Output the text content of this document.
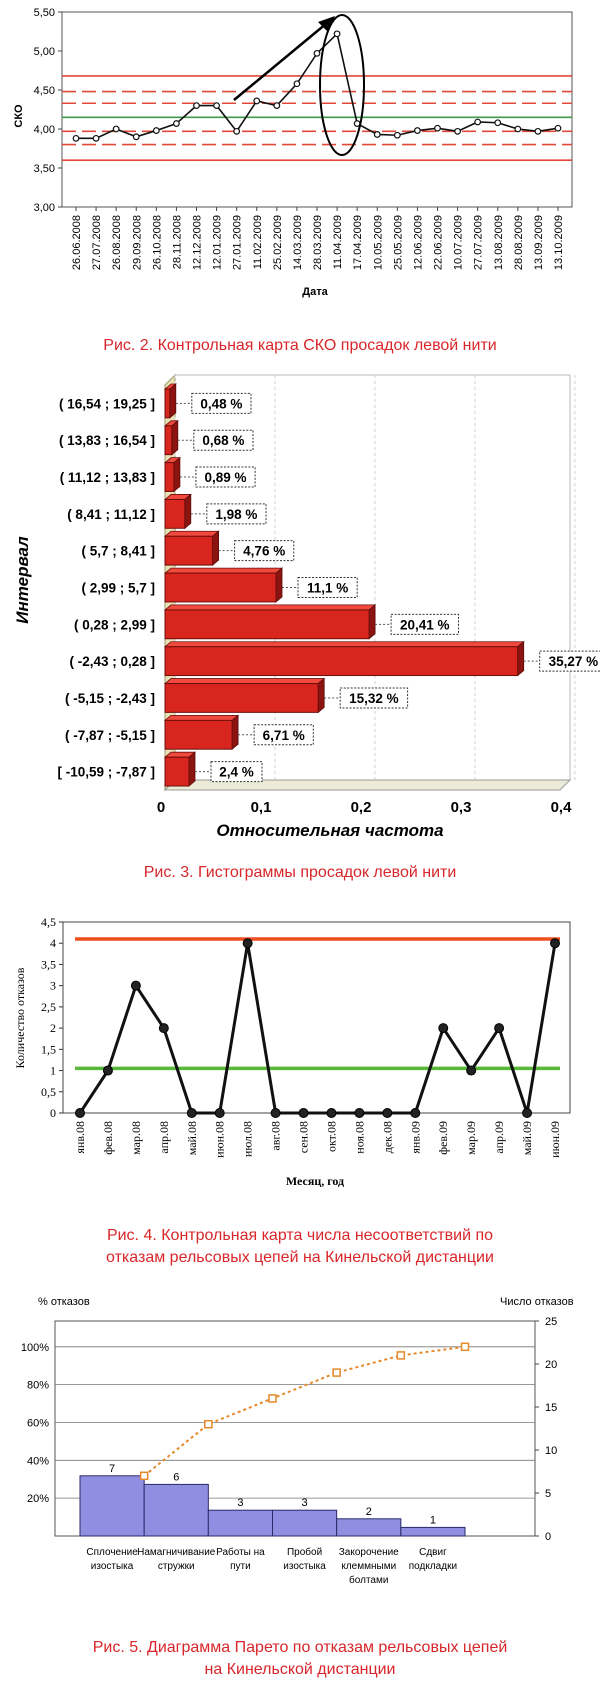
3,00
3,50
4,00
4,50
5,00
5,50
26.06.2008 27.07.2008 26.08.2008 29.09.2008 26.10.2008 28.11.2008 12.12.2008 12.01.2009 27.01.2009 11.02.2009 25.02.2009 14.03.2009 28.03.2009 11.04.2009 17.04.2009 10.05.2009 25.05.2009 12.06.2009 22.06.2009 10.07.2009 27.07.2009 13.08.2009 28.08.2009 13.09.2009 13.10.2009
СКО
Дата
Рис. 2. Контрольная карта СКО просадок левой нити
( 16,54 ; 19,25 ]
( 13,83 ; 16,54 ]
( 11,12 ; 13,83 ]
( 8,41 ; 11,12 ]
( 5,7 ; 8,41 ]
( 2,99 ; 5,7 ]
( 0,28 ; 2,99 ]
( -2,43 ; 0,28 ]
( -5,15 ; -2,43 ]
( -7,87 ; -5,15 ]
[ -10,59 ; -7,87 ]
0,48 %
0,68 %
0,89 %
1,98 %
4,76 %
11,1 %
20,41 %
35,27 %
15,32 %
6,71 %
2,4 %
0	0,1	0,2	0,3	0,4
Интервал
Относительная частота
Рис. 3. Гистограммы просадок левой нити
0
0,5
1
1,5
2
2,5
3
3,5
4
4,5
янв.08 фев.08 мар.08 апр.08 май.08 июн.08 июл.08 авг.08 сен.08 окт.08 ноя.08 дек.08 янв.09 фев.09 мар.09 апр.09 май.09 июн.09
Количество отказов
Месяц, год
Рис. 4. Контрольная карта числа несоответствий по
отказам рельсовых цепей на Кинельской дистанции
% отказов	Число отказов
7
6
3	3
2
1
20%
40%
60%
80%
100%
0
5
10
15
20
25
Сплочение
изостыка
Намагничивание
стружки
Работы на
пути
Пробой
изостыка
Закорочение
клеммными
болтами
Сдвиг
подкладки
Рис. 5. Диаграмма Парето по отказам рельсовых цепей
на Кинельской дистанции
